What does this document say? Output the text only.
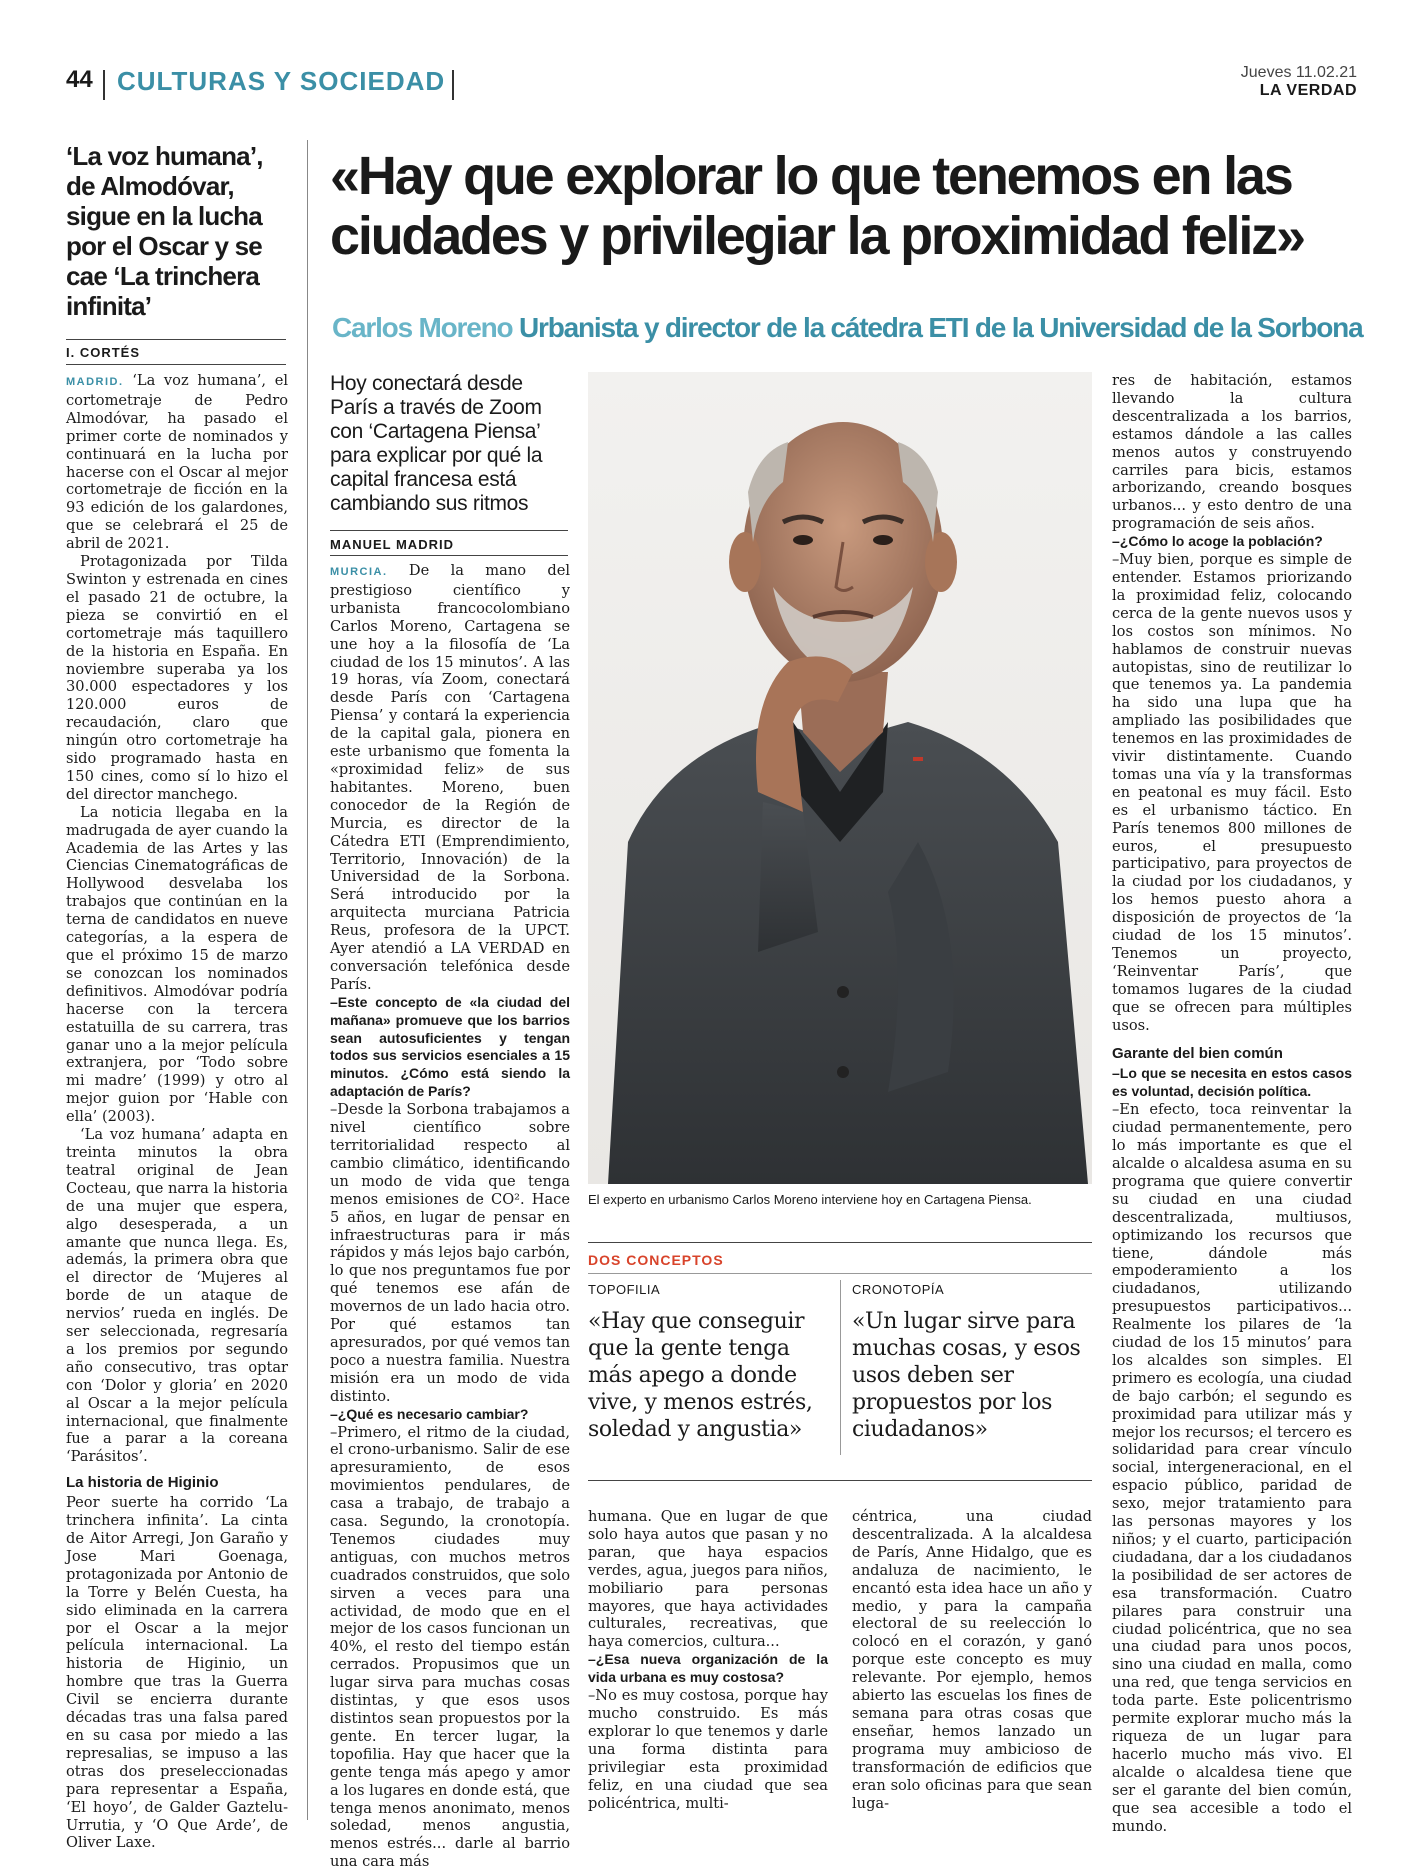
44 CULTURAS Y SOCIEDAD	Jueves 11.02.21
LA VERDAD
‘La voz humana’, de Almodóvar, sigue en la lucha por el Oscar y se cae ‘La trinchera infinita’
I. CORTÉS

MADRID. ‘La voz humana’, el cortometraje de Pedro Almodóvar, ha pasado el primer corte de nominados y continuará en la lucha por hacerse con el Oscar al mejor cortometraje de ficción en la 93 edición de los galardones, que se celebrará el 25 de abril de 2021.

Protagonizada por Tilda Swinton y estrenada en cines el pasado 21 de octubre, la pieza se convirtió en el cortometraje más taquillero de la historia en España. En noviembre superaba ya los 30.000 espectadores y los 120.000 euros de recaudación, claro que ningún otro cortometraje ha sido programado hasta en 150 cines, como sí lo hizo el del director manchego.

La noticia llegaba en la madrugada de ayer cuando la Academia de las Artes y las Ciencias Cinematográficas de Hollywood desvelaba los trabajos que continúan en la terna de candidatos en nueve categorías, a la espera de que el próximo 15 de marzo se conozcan los nominados definitivos. Almodóvar podría hacerse con la tercera estatuilla de su carrera, tras ganar uno a la mejor película extranjera, por ‘Todo sobre mi madre’ (1999) y otro al mejor guion por ‘Hable con ella’ (2003).

‘La voz humana’ adapta en treinta minutos la obra teatral original de Jean Cocteau, que narra la historia de una mujer que espera, algo desesperada, a un amante que nunca llega. Es, además, la primera obra que el director de ‘Mujeres al borde de un ataque de nervios’ rueda en inglés. De ser seleccionada, regresaría a los premios por segundo año consecutivo, tras optar con ‘Dolor y gloria’ en 2020 al Oscar a la mejor película internacional, que finalmente fue a parar a la coreana ‘Parásitos’.

La historia de Higinio

Peor suerte ha corrido ‘La trinchera infinita’. La cinta de Aitor Arregi, Jon Garaño y Jose Mari Goenaga, protagonizada por Antonio de la Torre y Belén Cuesta, ha sido eliminada en la carrera por el Oscar a la mejor película internacional. La historia de Higinio, un hombre que tras la Guerra Civil se encierra durante décadas tras una falsa pared en su casa por miedo a las represalias, se impuso a las otras dos preseleccionadas para representar a España, ‘El hoyo’, de Galder Gaztelu-Urrutia, y ‘O Que Arde’, de Oliver Laxe.

«Hay que explorar lo que tenemos en las ciudades y privilegiar la proximidad feliz»
Carlos Moreno Urbanista y director de la cátedra ETI de la Universidad de la Sorbona
Hoy conectará desde París a través de Zoom con ‘Cartagena Piensa’ para explicar por qué la capital francesa está cambiando sus ritmos
MANUEL MADRID

MURCIA. De la mano del prestigioso científico y urbanista francocolombiano Carlos Moreno, Cartagena se une hoy a la filosofía de ‘La ciudad de los 15 minutos’. A las 19 horas, vía Zoom, conectará desde París con ‘Cartagena Piensa’ y contará la experiencia de la capital gala, pionera en este urbanismo que fomenta la «proximidad feliz» de sus habitantes. Moreno, buen conocedor de la Región de Murcia, es director de la Cátedra ETI (Emprendimiento, Territorio, Innovación) de la Universidad de la Sorbona. Será introducido por la arquitecta murciana Patricia Reus, profesora de la UPCT. Ayer atendió a LA VERDAD en conversación telefónica desde París.

–Este concepto de «la ciudad del mañana» promueve que los barrios sean autosuficientes y tengan todos sus servicios esenciales a 15 minutos. ¿Cómo está siendo la adaptación de París?

–Desde la Sorbona trabajamos a nivel científico sobre territorialidad respecto al cambio climático, identificando un modo de vida que tenga menos emisiones de CO². Hace 5 años, en lugar de pensar en infraestructuras para ir más rápidos y más lejos bajo carbón, lo que nos preguntamos fue por qué tenemos ese afán de movernos de un lado hacia otro. Por qué estamos tan apresurados, por qué vemos tan poco a nuestra familia. Nuestra misión era un modo de vida distinto.

–¿Qué es necesario cambiar?

–Primero, el ritmo de la ciudad, el crono-urbanismo. Salir de ese apresuramiento, de esos movimientos pendulares, de casa a trabajo, de trabajo a casa. Segundo, la cronotopía. Tenemos ciudades muy antiguas, con muchos metros cuadrados construidos, que solo sirven a veces para una actividad, de modo que en el mejor de los casos funcionan un 40%, el resto del tiempo están cerrados. Propusimos que un lugar sirva para muchas cosas distintas, y que esos usos distintos sean propuestos por la gente. En tercer lugar, la topofilia. Hay que hacer que la gente tenga más apego y amor a los lugares en donde está, que tenga menos anonimato, menos soledad, menos angustia, menos estrés... darle al barrio una cara más

El experto en urbanismo Carlos Moreno interviene hoy en Cartagena Piensa.

res de habitación, estamos llevando la cultura descentralizada a los barrios, estamos dándole a las calles menos autos y construyendo carriles para bicis, estamos arborizando, creando bosques urbanos... y esto dentro de una programación de seis años.

–¿Cómo lo acoge la población?

–Muy bien, porque es simple de entender. Estamos priorizando la proximidad feliz, colocando cerca de la gente nuevos usos y los costos son mínimos. No hablamos de construir nuevas autopistas, sino de reutilizar lo que tenemos ya. La pandemia ha sido una lupa que ha ampliado las posibilidades que tenemos en las proximidades de vivir distintamente. Cuando tomas una vía y la transformas en peatonal es muy fácil. Esto es el urbanismo táctico. En París tenemos 800 millones de euros, el presupuesto participativo, para proyectos de la ciudad por los ciudadanos, y los hemos puesto ahora a disposición de proyectos de ‘la ciudad de los 15 minutos’. Tenemos un proyecto, ‘Reinventar París’, que tomamos lugares de la ciudad que se ofrecen para múltiples usos.

Garante del bien común

–Lo que se necesita en estos casos es voluntad, decisión política.

–En efecto, toca reinventar la ciudad permanentemente, pero lo más importante es que el alcalde o alcaldesa asuma en su programa que quiere convertir su ciudad en una ciudad descentralizada, multiusos, optimizando los recursos que tiene, dándole más empoderamiento a los ciudadanos, utilizando presupuestos participativos... Realmente los pilares de ‘la ciudad de los 15 minutos’ para los alcaldes son simples. El primero es ecología, una ciudad de bajo carbón; el segundo es proximidad para utilizar más y mejor los recursos; el tercero es solidaridad para crear vínculo social, intergeneracional, en el espacio público, paridad de sexo, mejor tratamiento para las personas mayores y los niños; y el cuarto, participación ciudadana, dar a los ciudadanos la posibilidad de ser actores de esa transformación. Cuatro pilares para construir una ciudad policéntrica, que no sea una ciudad para unos pocos, sino una ciudad en malla, como una red, que tenga servicios en toda parte. Este policentrismo permite explorar mucho más la riqueza de un lugar para hacerlo mucho más vivo. El alcalde o alcaldesa tiene que ser el garante del bien común, que sea accesible a todo el mundo.

DOS CONCEPTOS
TOPOFILIA	CRONOTOPÍA
«Hay que conseguir que la gente tenga más apego a donde vive, y menos estrés, soledad y angustia»
«Un lugar sirve para muchas cosas, y esos usos deben ser propuestos por los ciudadanos»

humana. Que en lugar de que solo haya autos que pasan y no paran, que haya espacios verdes, agua, juegos para niños, mobiliario para personas mayores, que haya actividades culturales, recreativas, que haya comercios, cultura...

–¿Esa nueva organización de la vida urbana es muy costosa?

–No es muy costosa, porque hay mucho construido. Es más explorar lo que tenemos y darle una forma distinta para privilegiar esta proximidad feliz, en una ciudad que sea policéntrica, multi-

céntrica, una ciudad descentralizada. A la alcaldesa de París, Anne Hidalgo, que es andaluza de nacimiento, le encantó esta idea hace un año y medio, y para la campaña electoral de su reelección lo colocó en el corazón, y ganó porque este concepto es muy relevante. Por ejemplo, hemos abierto las escuelas los fines de semana para otras cosas que enseñar, hemos lanzado un programa muy ambicioso de transformación de edificios que eran solo oficinas para que sean luga-
